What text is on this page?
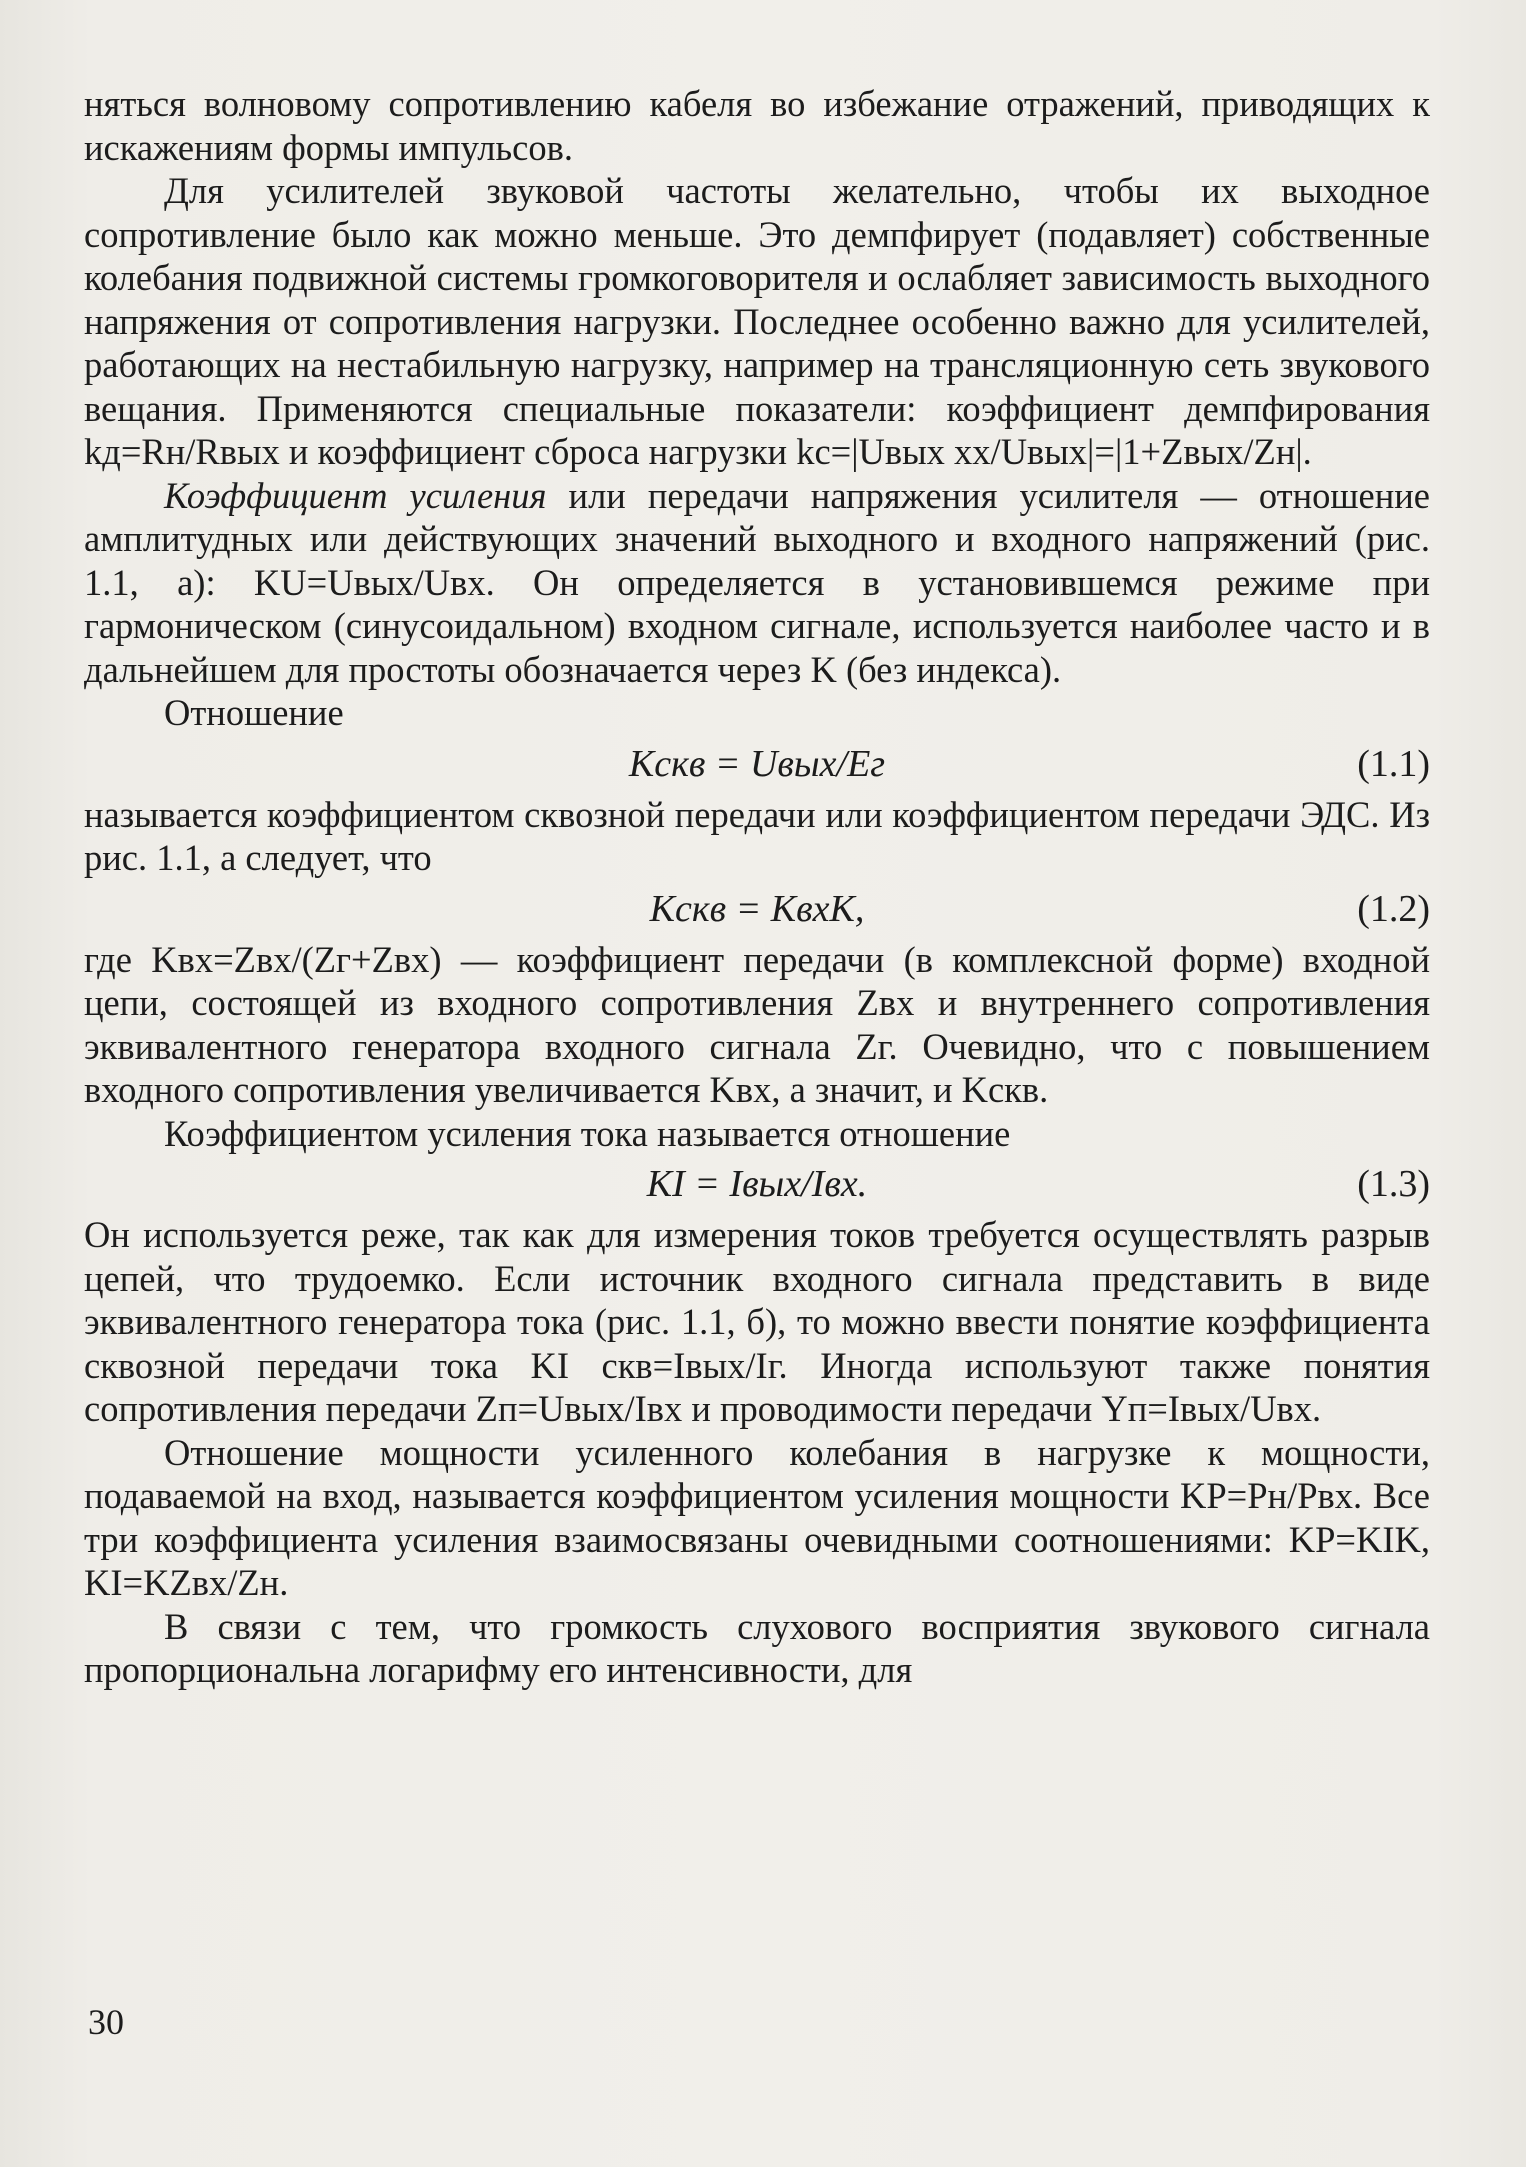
няться волновому сопротивлению кабеля во избежание отражений, приводящих к искажениям формы импульсов.

Для усилителей звуковой частоты желательно, чтобы их выходное сопротивление было как можно меньше. Это демпфирует (подавляет) собственные колебания подвижной системы громкоговорителя и ослабляет зависимость выходного напряжения от сопротивления нагрузки. Последнее особенно важно для усилителей, работающих на нестабильную нагрузку, например на трансляционную сеть звукового вещания. Применяются специальные показатели: коэффициент демпфирования kд=Rн/Rвых и коэффициент сброса нагрузки kс=|Uвых хх/Uвых|=|1+Zвых/Zн|.

Коэффициент усиления или передачи напряжения усилителя — отношение амплитудных или действующих значений выходного и входного напряжений (рис. 1.1, а): KU=Uвых/Uвх. Он определяется в установившемся режиме при гармоническом (синусоидальном) входном сигнале, используется наиболее часто и в дальнейшем для простоты обозначается через K (без индекса).

Отношение

Kскв = Uвых/Eг	(1.1)

называется коэффициентом сквозной передачи или коэффициентом передачи ЭДС. Из рис. 1.1, а следует, что

Kскв = KвхK,	(1.2)

где Kвх=Zвх/(Zг+Zвх) — коэффициент передачи (в комплексной форме) входной цепи, состоящей из входного сопротивления Zвх и внутреннего сопротивления эквивалентного генератора входного сигнала Zг. Очевидно, что с повышением входного сопротивления увеличивается Kвх, а значит, и Kскв.

Коэффициентом усиления тока называется отношение

KI = Iвых/Iвх.	(1.3)

Он используется реже, так как для измерения токов требуется осуществлять разрыв цепей, что трудоемко. Если источник входного сигнала представить в виде эквивалентного генератора тока (рис. 1.1, б), то можно ввести понятие коэффициента сквозной передачи тока KI скв=Iвых/Iг. Иногда используют также понятия сопротивления передачи Zп=Uвых/Iвх и проводимости передачи Yп=Iвых/Uвх.

Отношение мощности усиленного колебания в нагрузке к мощности, подаваемой на вход, называется коэффициентом усиления мощности KP=Pн/Pвх. Все три коэффициента усиления взаимосвязаны очевидными соотношениями: KP=KIK, KI=KZвх/Zн.

В связи с тем, что громкость слухового восприятия звукового сигнала пропорциональна логарифму его интенсивности, для

30
